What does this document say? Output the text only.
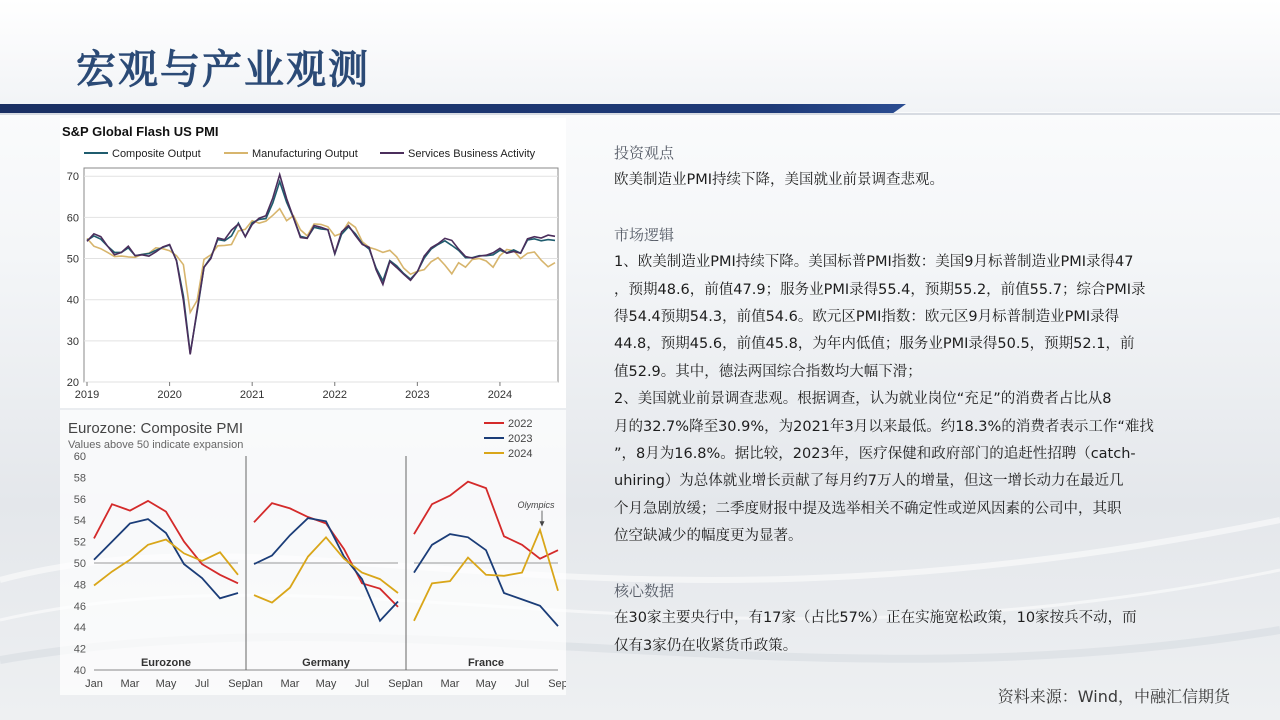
宏观与产业观测
S&P Global Flash US PMI
Composite Output	Manufacturing Output	Services Business Activity
70
60
50
40
30
20
2019	2020	2021	2022	2023	2024
Eurozone: Composite PMI
Values above 50 indicate expansion
2022
2023
2024
60
58
56
54
52
50
48
46
44
42
40
Jan Mar May Jul Sep
Eurozone
Jan Mar May Jul Sep
Germany
Jan Mar May Jul Sep
France
Olympics
投资观点
欧美制造业PMI持续下降，美国就业前景调查悲观。
市场逻辑
1、欧美制造业PMI持续下降。美国标普PMI指数：美国9月标普制造业PMI录得47
，预期48.6，前值47.9；服务业PMI录得55.4，预期55.2，前值55.7；综合PMI录
得54.4预期54.3，前值54.6。欧元区PMI指数：欧元区9月标普制造业PMI录得
44.8，预期45.6，前值45.8，为年内低值；服务业PMI录得50.5，预期52.1，前
值52.9。其中，德法两国综合指数均大幅下滑；
2、美国就业前景调查悲观。根据调查，认为就业岗位“充足”的消费者占比从8
月的32.7%降至30.9%，为2021年3月以来最低。约18.3%的消费者表示工作“难找
”，8月为16.8%。据比较，2023年，医疗保健和政府部门的追赶性招聘（catch-
uhiring）为总体就业增长贡献了每月约7万人的增量，但这一增长动力在最近几
个月急剧放缓；二季度财报中提及选举相关不确定性或逆风因素的公司中，其职
位空缺减少的幅度更为显著。
核心数据
在30家主要央行中，有17家（占比57%）正在实施宽松政策，10家按兵不动，而
仅有3家仍在收紧货币政策。
资料来源：Wind，中融汇信期货
